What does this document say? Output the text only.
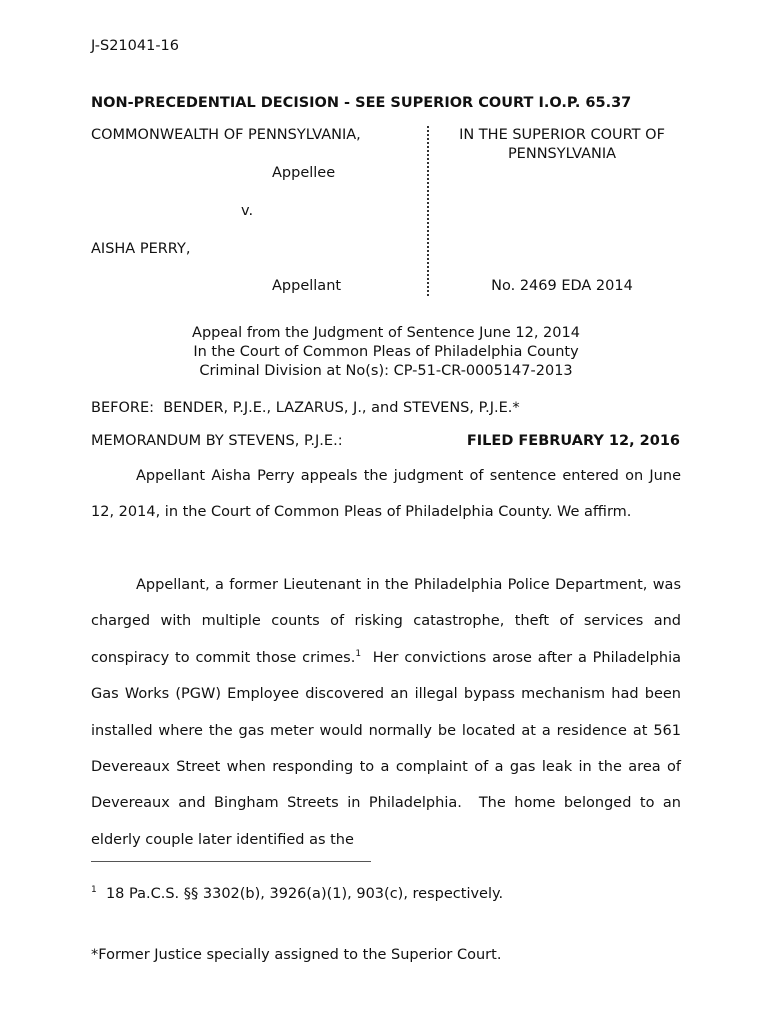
J-S21041-16
NON-PRECEDENTIAL DECISION - SEE SUPERIOR COURT I.O.P. 65.37
COMMONWEALTH OF PENNSYLVANIA,
Appellee
v.
AISHA PERRY,
Appellant
IN THE SUPERIOR COURT OF
PENNSYLVANIA
No. 2469 EDA 2014
Appeal from the Judgment of Sentence June 12, 2014
In the Court of Common Pleas of Philadelphia County
Criminal Division at No(s): CP-51-CR-0005147-2013
BEFORE:  BENDER, P.J.E., LAZARUS, J., and STEVENS, P.J.E.*
MEMORANDUM BY STEVENS, P.J.E.:	FILED FEBRUARY 12, 2016
Appellant Aisha Perry appeals the judgment of sentence entered on June 12, 2014, in the Court of Common Pleas of Philadelphia County. We affirm.
Appellant, a former Lieutenant in the Philadelphia Police Department, was charged with multiple counts of risking catastrophe, theft of services and conspiracy to commit those crimes.$^1$  Her convictions arose after a Philadelphia Gas Works (PGW) Employee discovered an illegal bypass mechanism had been installed where the gas meter would normally be located at a residence at 561 Devereaux Street when responding to a complaint of a gas leak in the area of Devereaux and Bingham Streets in Philadelphia.  The home belonged to an elderly couple later identified as the
$^1$ 18 Pa.C.S. §§ 3302(b), 3926(a)(1), 903(c), respectively.
*Former Justice specially assigned to the Superior Court.
